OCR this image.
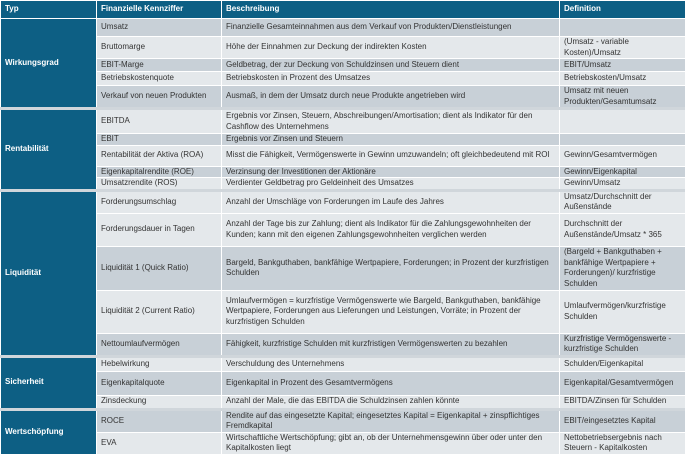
Typ	Finanzielle Kennziffer	Beschreibung	Definition
Wirkungsgrad	Umsatz	Finanzielle Gesamteinnahmen aus dem Verkauf von Produkten/Dienstleistungen	
	Bruttomarge	Höhe der Einnahmen zur Deckung der indirekten Kosten	(Umsatz - variable Kosten)/Umsatz
	EBIT-Marge	Geldbetrag, der zur Deckung von Schuldzinsen und Steuern dient	EBIT/Umsatz
	Betriebskostenquote	Betriebskosten in Prozent des Umsatzes	Betriebskosten/Umsatz
	Verkauf von neuen Produkten	Ausmaß, in dem der Umsatz durch neue Produkte angetrieben wird	Umsatz mit neuen Produkten/Gesamtumsatz
Rentabilität	EBITDA	Ergebnis vor Zinsen, Steuern, Abschreibungen/Amortisation; dient als Indikator für den Cashflow des Unternehmens	
	EBIT	Ergebnis vor Zinsen und Steuern	
	Rentabilität der Aktiva (ROA)	Misst die Fähigkeit, Vermögenswerte in Gewinn umzuwandeln; oft gleichbedeutend mit ROI	Gewinn/Gesamtvermögen
	Eigenkapitalrendite (ROE)	Verzinsung der Investitionen der Aktionäre	Gewinn/Eigenkapital
	Umsatzrendite (ROS)	Verdienter Geldbetrag pro Geldeinheit des Umsatzes	Gewinn/Umsatz
Liquidität	Forderungsumschlag	Anzahl der Umschläge von Forderungen im Laufe des Jahres	Umsatz/Durchschnitt der Außenstände
	Forderungsdauer in Tagen	Anzahl der Tage bis zur Zahlung; dient als Indikator für die Zahlungsgewohnheiten der Kunden; kann mit den eigenen Zahlungsgewohnheiten verglichen werden	Durchschnitt der Außenstände/Umsatz * 365
	Liquidität 1 (Quick Ratio)	Bargeld, Bankguthaben, bankfähige Wertpapiere, Forderungen; in Prozent der kurzfristigen Schulden	(Bargeld + Bankguthaben + bankfähige Wertpapiere + Forderungen)/ kurzfristige Schulden
	Liquidität 2 (Current Ratio)	Umlaufvermögen = kurzfristige Vermögenswerte wie Bargeld, Bankguthaben, bankfähige Wertpapiere, Forderungen aus Lieferungen und Leistungen, Vorräte; in Prozent der kurzfristigen Schulden	Umlaufvermögen/kurzfristige Schulden
	Nettoumlaufvermögen	Fähigkeit, kurzfristige Schulden mit kurzfristigen Vermögenswerten zu bezahlen	Kurzfristige Vermögenswerte - kurzfristige Schulden
Sicherheit	Hebelwirkung	Verschuldung des Unternehmens	Schulden/Eigenkapital
	Eigenkapitalquote	Eigenkapital in Prozent des Gesamtvermögens	Eigenkapital/Gesamtvermögen
	Zinsdeckung	Anzahl der Male, die das EBITDA die Schuldzinsen zahlen könnte	EBITDA/Zinsen für Schulden
Wertschöpfung	ROCE	Rendite auf das eingesetzte Kapital; eingesetztes Kapital = Eigenkapital + zinspflichtiges Fremdkapital	EBIT/eingesetztes Kapital
	EVA	Wirtschaftliche Wertschöpfung; gibt an, ob der Unternehmensgewinn über oder unter den Kapitalkosten liegt	Nettobetriebsergebnis nach Steuern - Kapitalkosten
